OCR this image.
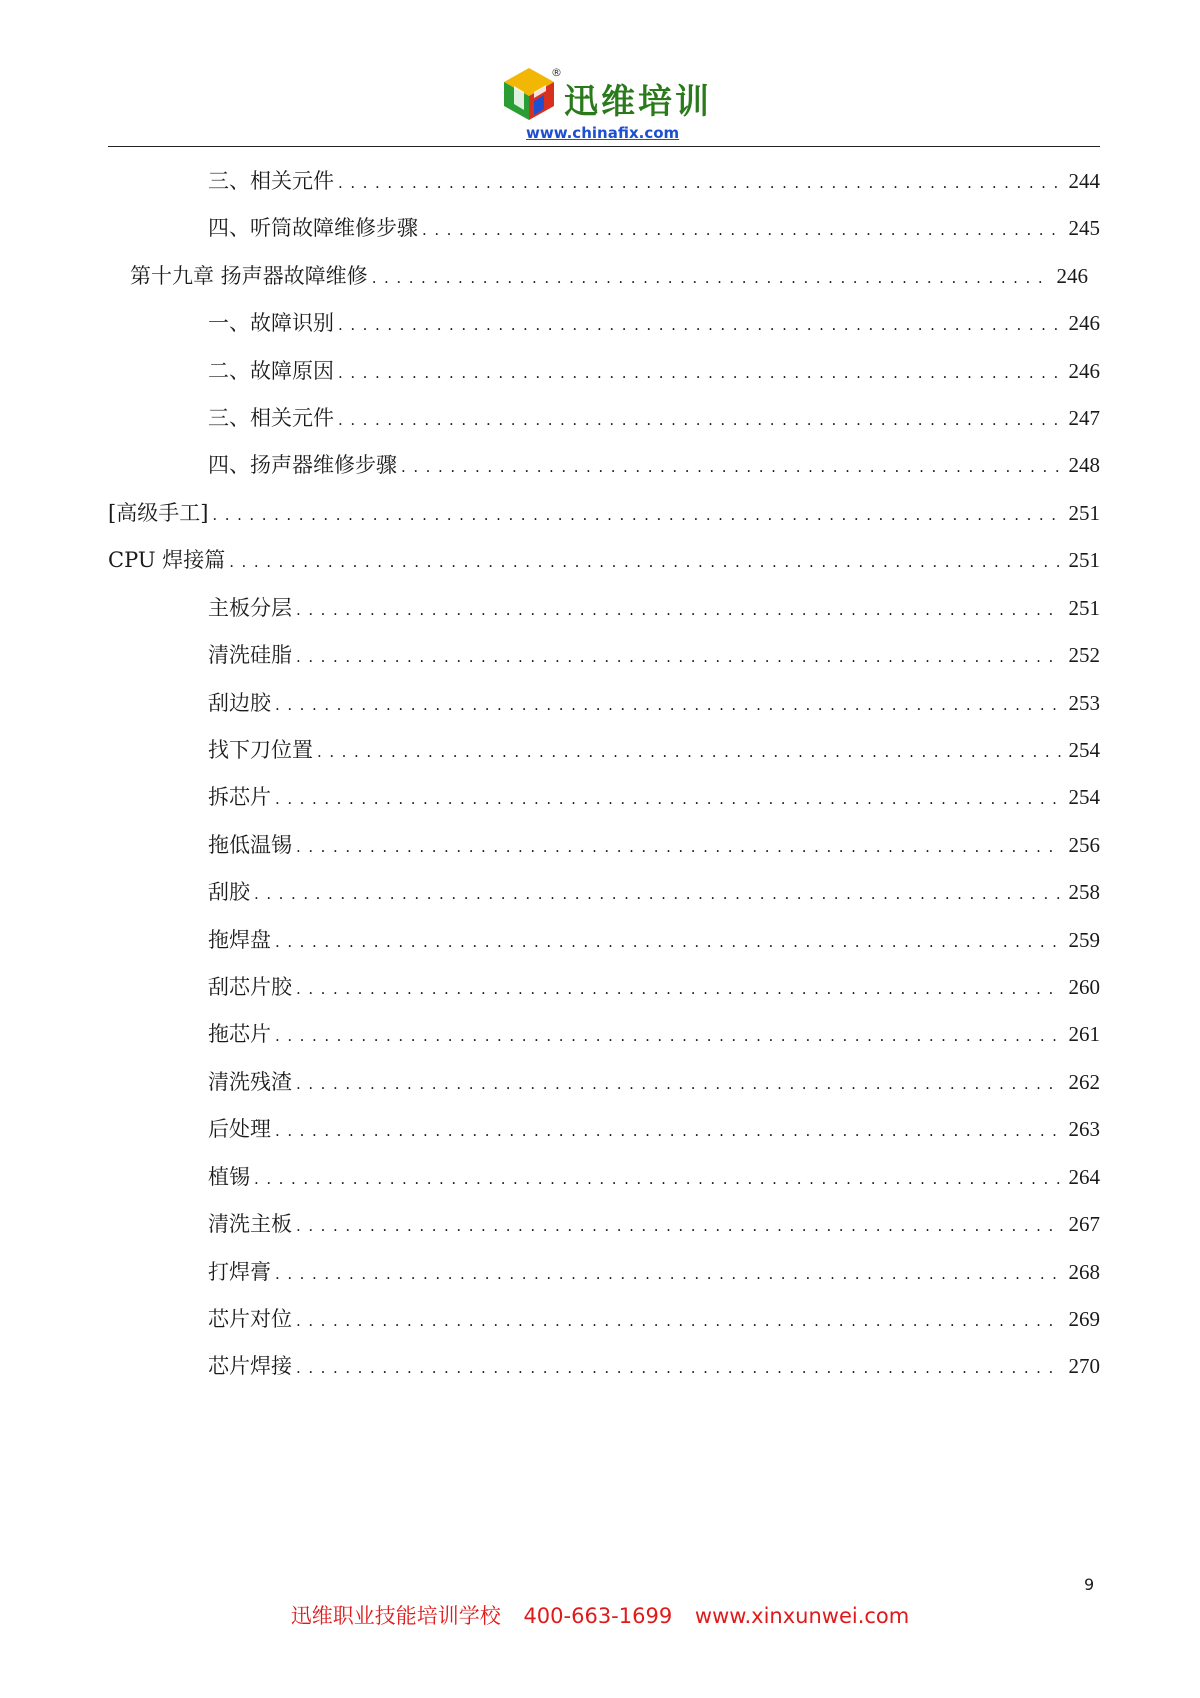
®
迅维培训
www.chinafix.com
三、相关元件 . . .	244
四、听筒故障维修步骤 . . .	245
第十九章 扬声器故障维修 . . .	246
一、故障识别 . . .	246
二、故障原因 . . .	246
三、相关元件 . . .	247
四、扬声器维修步骤 . . .	248
[高级手工] . . .	251
CPU 焊接篇 . . .	251
主板分层 . . .	251
清洗硅脂 . . .	252
刮边胶 . . .	253
找下刀位置 . . .	254
拆芯片 . . .	254
拖低温锡 . . .	256
刮胶 . . .	258
拖焊盘 . . .	259
刮芯片胶 . . .	260
拖芯片 . . .	261
清洗残渣 . . .	262
后处理 . . .	263
植锡 . . .	264
清洗主板 . . .	267
打焊膏 . . .	268
芯片对位 . . .	269
芯片焊接 . . .	270
9
迅维职业技能培训学校 400-663-1699 www.xinxunwei.com
